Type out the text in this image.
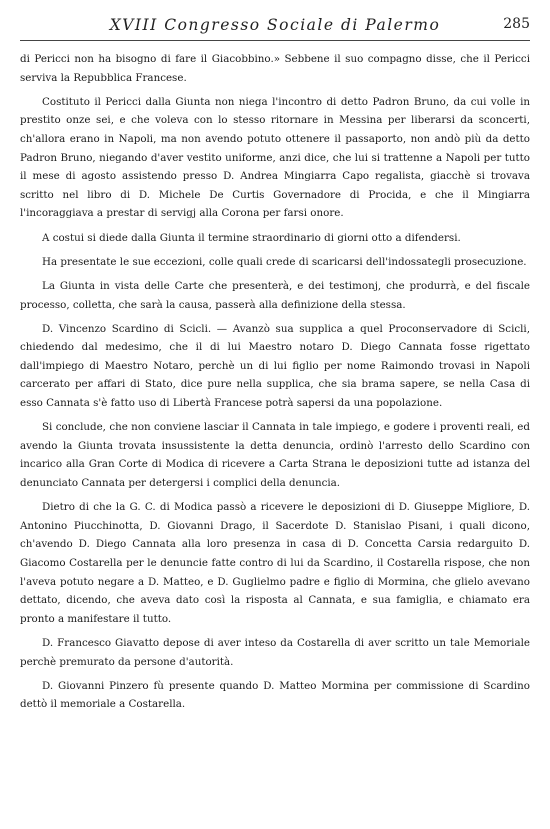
XVIII Congresso Sociale di Palermo	285

di Pericci non ha bisogno di fare il Giacobbino.» Sebbene il suo compagno disse, che il Pericci serviva la Repubblica Francese.

Costituto il Pericci dalla Giunta non niega l'incontro di detto Padron Bruno, da cui volle in prestito onze sei, e che voleva con lo stesso ritornare in Messina per liberarsi da sconcerti, ch'allora erano in Napoli, ma non avendo potuto ottenere il passaporto, non andò più da detto Padron Bruno, niegando d'aver vestito uniforme, anzi dice, che lui si trattenne a Napoli per tutto il mese di agosto assistendo presso D. Andrea Mingiarra Capo regalista, giacchè si trovava scritto nel libro di D. Michele De Curtis Governadore di Procida, e che il Mingiarra l'incoraggiava a prestar di servigj alla Corona per farsi onore.

A costui si diede dalla Giunta il termine straordinario di giorni otto a difendersi.

Ha presentate le sue eccezioni, colle quali crede di scaricarsi dell'indossategli prosecuzione.

La Giunta in vista delle Carte che presenterà, e dei testimonj, che produrrà, e del fiscale processo, colletta, che sarà la causa, passerà alla definizione della stessa.

D. Vincenzo Scardino di Scicli. — Avanzò sua supplica a quel Proconservadore di Scicli, chiedendo dal medesimo, che il di lui Maestro notaro D. Diego Cannata fosse rigettato dall'impiego di Maestro Notaro, perchè un di lui figlio per nome Raimondo trovasi in Napoli carcerato per affari di Stato, dice pure nella supplica, che sia brama sapere, se nella Casa di esso Cannata s'è fatto uso di Libertà Francese potrà sapersi da una popolazione.

Si conclude, che non conviene lasciar il Cannata in tale impiego, e godere i proventi reali, ed avendo la Giunta trovata insussistente la detta denuncia, ordinò l'arresto dello Scardino con incarico alla Gran Corte di Modica di ricevere a Carta Strana le deposizioni tutte ad istanza del denunciato Cannata per detergersi i complici della denuncia.

Dietro di che la G. C. di Modica passò a ricevere le deposizioni di D. Giuseppe Migliore, D. Antonino Piucchinotta, D. Giovanni Drago, il Sacerdote D. Stanislao Pisani, i quali dicono, ch'avendo D. Diego Cannata alla loro presenza in casa di D. Concetta Carsia redarguito D. Giacomo Costarella per le denuncie fatte contro di lui da Scardino, il Costarella rispose, che non l'aveva potuto negare a D. Matteo, e D. Guglielmo padre e figlio di Mormina, che glielo avevano dettato, dicendo, che aveva dato così la risposta al Cannata, e sua famiglia, e chiamato era pronto a manifestare il tutto.

D. Francesco Giavatto depose di aver inteso da Costarella di aver scritto un tale Memoriale perchè premurato da persone d'autorità.

D. Giovanni Pinzero fù presente quando D. Matteo Mormina per commissione di Scardino dettò il memoriale a Costarella.
